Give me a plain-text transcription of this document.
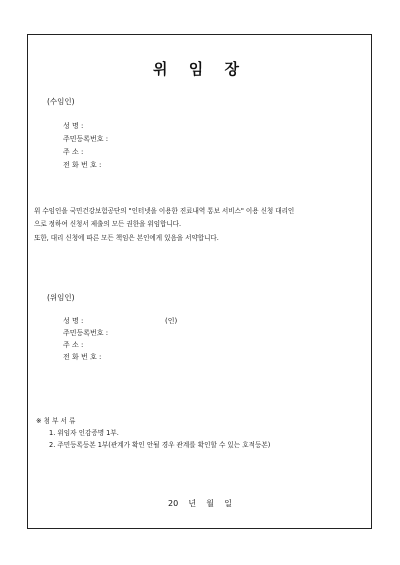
위 임 장
(수임인)
성 명 :
주민등록번호 :
주 소 :
전 화 번 호 :
위 수임인을 국민건강보험공단의 "인터넷을 이용한 진료내역 통보 서비스" 이용 신청 대리인
으로 정하여 신청서 제출의 모든 권한을 위임합니다.
또한, 대리 신청에 따른 모든 책임은 본인에게 있음을 서약합니다.
(위임인)
성 명 :	(인)
주민등록번호 :
주 소 :
전 화 번 호 :
※ 첨 부 서 류
1. 위임자 인감증명 1부.
2. 주민등록등본 1부(관계가 확인 안될 경우 관계를 확인할 수 있는 호적등본)
20    년    월    일
